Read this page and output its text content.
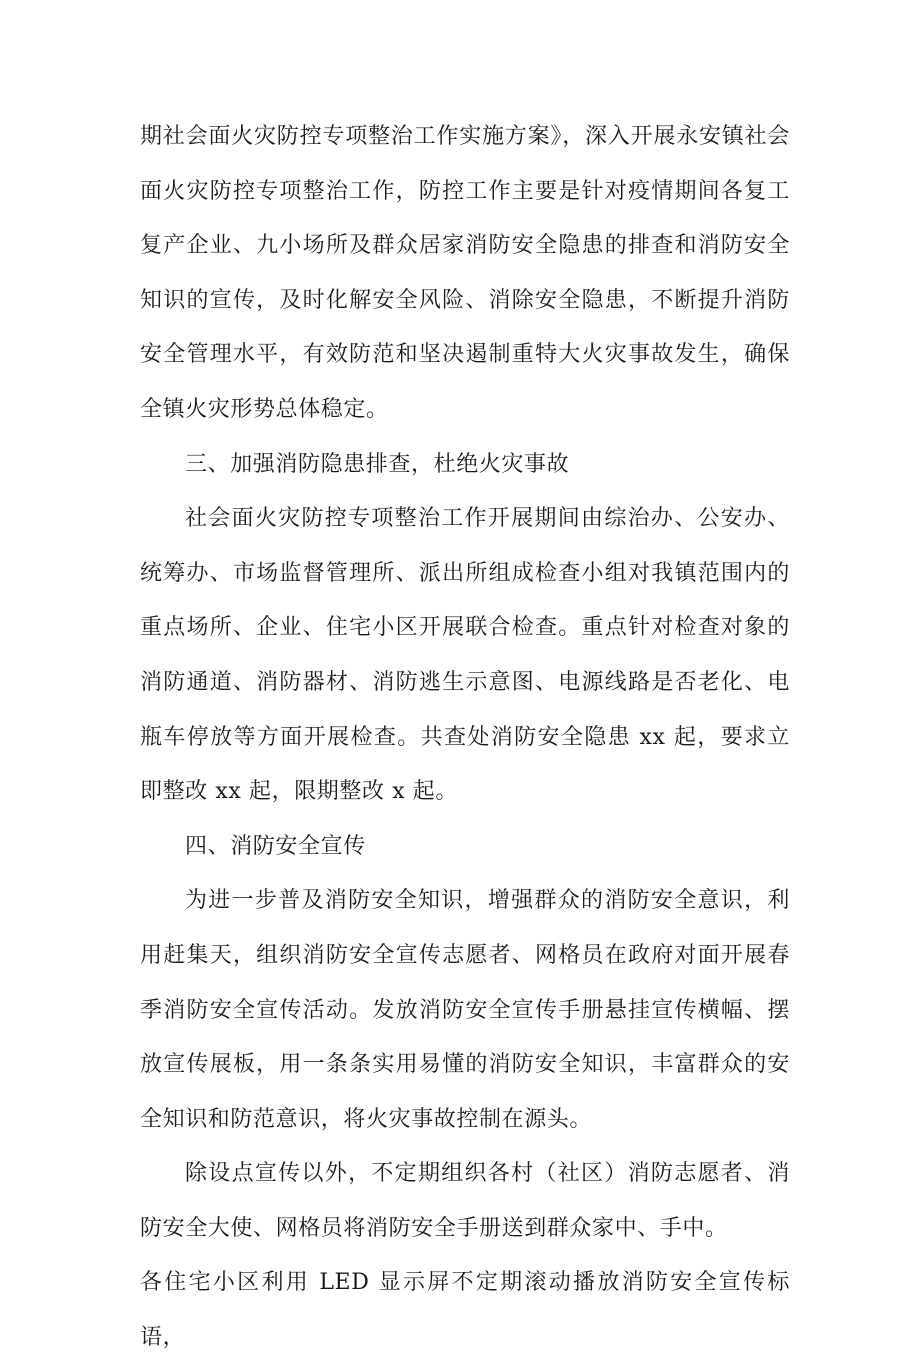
期社会面火灾防控专项整治工作实施方案》，深入开展永安镇社会面火灾防控专项整治工作，防控工作主要是针对疫情期间各复工复产企业、九小场所及群众居家消防安全隐患的排查和消防安全知识的宣传，及时化解安全风险、消除安全隐患，不断提升消防安全管理水平，有效防范和坚决遏制重特大火灾事故发生，确保全镇火灾形势总体稳定。

三、加强消防隐患排查，杜绝火灾事故

社会面火灾防控专项整治工作开展期间由综治办、公安办、统筹办、市场监督管理所、派出所组成检查小组对我镇范围内的重点场所、企业、住宅小区开展联合检查。重点针对检查对象的消防通道、消防器材、消防逃生示意图、电源线路是否老化、电瓶车停放等方面开展检查。共查处消防安全隐患 xx 起，要求立即整改 xx 起，限期整改 x 起。

四、消防安全宣传

为进一步普及消防安全知识，增强群众的消防安全意识，利用赶集天，组织消防安全宣传志愿者、网格员在政府对面开展春季消防安全宣传活动。发放消防安全宣传手册悬挂宣传横幅、摆放宣传展板，用一条条实用易懂的消防安全知识，丰富群众的安全知识和防范意识，将火灾事故控制在源头。

除设点宣传以外，不定期组织各村（社区）消防志愿者、消防安全大使、网格员将消防安全手册送到群众家中、手中。

各住宅小区利用 LED 显示屏不定期滚动播放消防安全宣传标语，
